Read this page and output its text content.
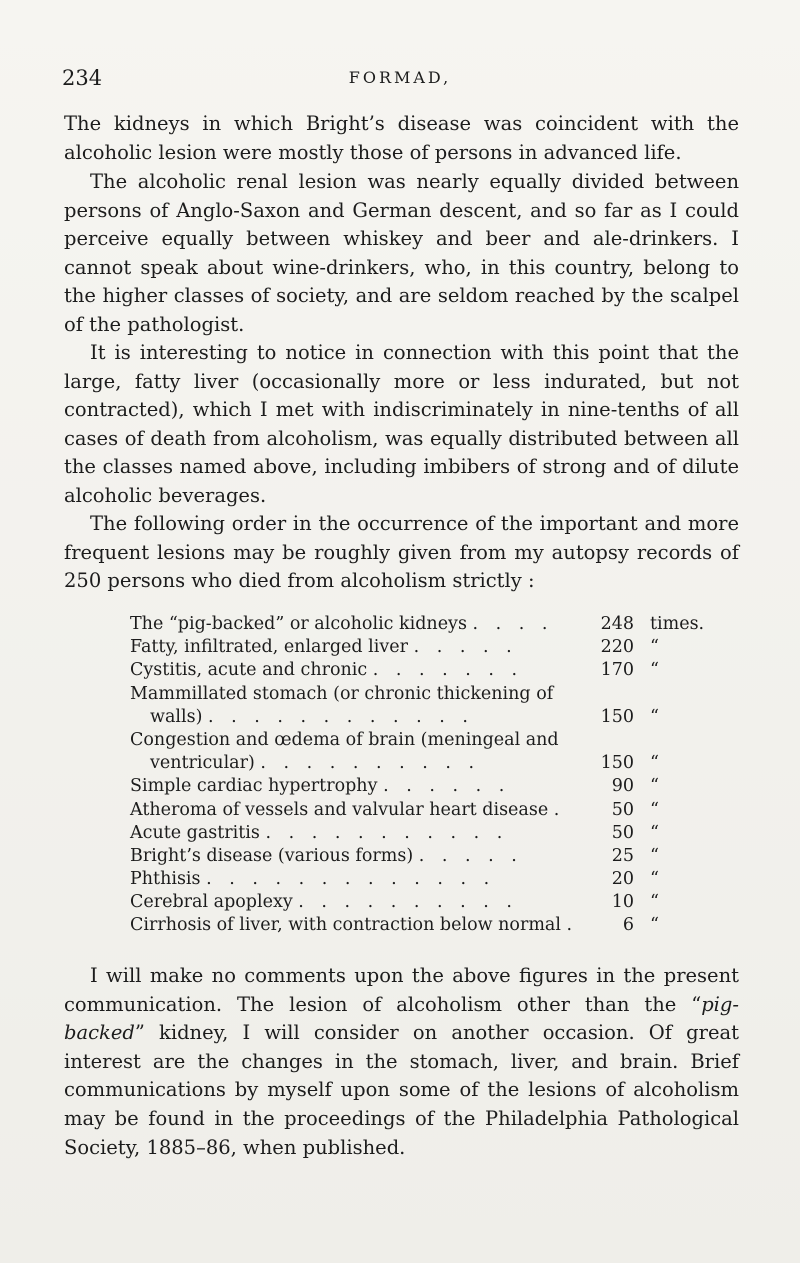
234	FORMAD,

The kidneys in which Bright’s disease was coincident with the alcoholic lesion were mostly those of persons in advanced life.

The alcoholic renal lesion was nearly equally divided between persons of Anglo-Saxon and German descent, and so far as I could perceive equally between whiskey and beer and ale-drinkers. I cannot speak about wine-drinkers, who, in this country, belong to the higher classes of society, and are seldom reached by the scalpel of the pathologist.

It is interesting to notice in connection with this point that the large, fatty liver (occasionally more or less indurated, but not contracted), which I met with indiscriminately in nine-tenths of all cases of death from alcoholism, was equally distributed between all the classes named above, including imbibers of strong and of dilute alcoholic beverages.

The following order in the occurrence of the important and more frequent lesions may be roughly given from my autopsy records of 250 persons who died from alcoholism strictly :

The “pig-backed” or alcoholic kidneys . . . .	248 times.
Fatty, infiltrated, enlarged liver . . . . .	220 “
Cystitis, acute and chronic . . . . . . .	170 “
Mammillated stomach (or chronic thickening of
walls) . . . . . . . . . . . .	150 “
Congestion and œdema of brain (meningeal and
ventricular) . . . . . . . . . .	150 “
Simple cardiac hypertrophy . . . . . .	90 “
Atheroma of vessels and valvular heart disease .	50 “
Acute gastritis . . . . . . . . . . .	50 “
Bright’s disease (various forms) . . . . .	25 “
Phthisis . . . . . . . . . . . . .	20 “
Cerebral apoplexy . . . . . . . . . .	10 “
Cirrhosis of liver, with contraction below normal .	6 “

I will make no comments upon the above figures in the present communication. The lesion of alcoholism other than the “pig-backed” kidney, I will consider on another occasion. Of great interest are the changes in the stomach, liver, and brain. Brief communications by myself upon some of the lesions of alcoholism may be found in the proceedings of the Philadelphia Pathological Society, 1885–86, when published.
